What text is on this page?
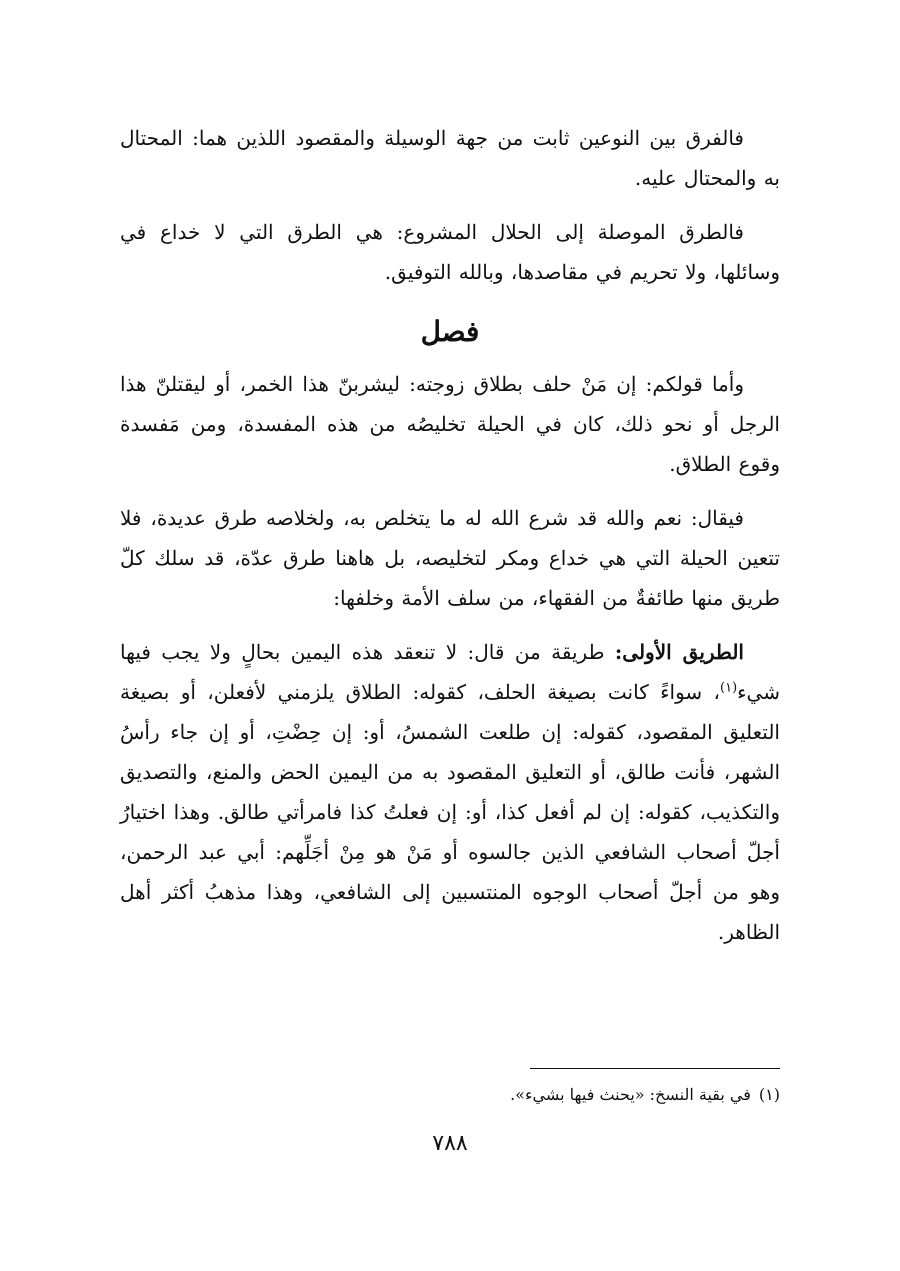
فالفرق بين النوعين ثابت من جهة الوسيلة والمقصود اللذين هما: المحتال به والمحتال عليه.

فالطرق الموصلة إلى الحلال المشروع: هي الطرق التي لا خداع في وسائلها، ولا تحريم في مقاصدها، وبالله التوفيق.

فصل

وأما قولكم: إن مَنْ حلف بطلاق زوجته: ليشربنّ هذا الخمر، أو ليقتلنّ هذا الرجل أو نحو ذلك، كان في الحيلة تخليصُه من هذه المفسدة، ومن مَفسدة وقوع الطلاق.

فيقال: نعم والله قد شرع الله له ما يتخلص به، ولخلاصه طرق عديدة، فلا تتعين الحيلة التي هي خداع ومكر لتخليصه، بل هاهنا طرق عدّة، قد سلك كلّ طريق منها طائفةٌ من الفقهاء، من سلف الأمة وخلفها:

الطريق الأولى: طريقة من قال: لا تنعقد هذه اليمين بحالٍ ولا يجب فيها شيء$^{(١)}$، سواءً كانت بصيغة الحلف، كقوله: الطلاق يلزمني لأفعلن، أو بصيغة التعليق المقصود، كقوله: إن طلعت الشمسُ، أو: إن حِضْتِ، أو إن جاء رأسُ الشهر، فأنت طالق، أو التعليق المقصود به من اليمين الحض والمنع، والتصديق والتكذيب، كقوله: إن لم أفعل كذا، أو: إن فعلتُ كذا فامرأتي طالق. وهذا اختيارُ أجلّ أصحاب الشافعي الذين جالسوه أو مَنْ هو مِنْ أجَلِّهم: أبي عبد الرحمن، وهو من أجلّ أصحاب الوجوه المنتسبين إلى الشافعي، وهذا مذهبُ أكثر أهل الظاهر.

(١)في بقية النسخ: «يحنث فيها بشيء».
٧٨٨
